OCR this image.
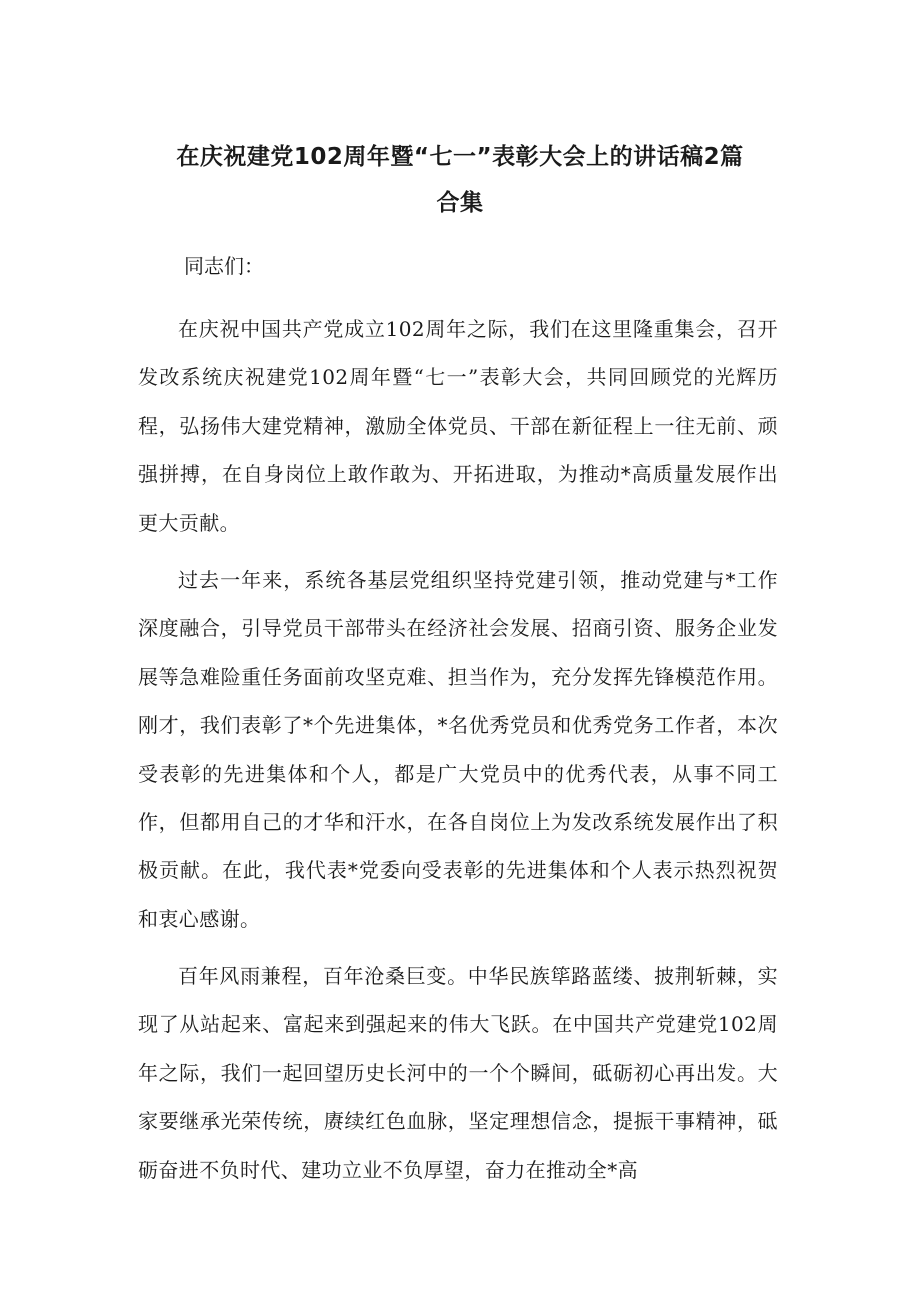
在庆祝建党102周年暨“七一”表彰大会上的讲话稿2篇
合集

同志们：

在庆祝中国共产党成立102周年之际，我们在这里隆重集会，召开发改系统庆祝建党102周年暨“七一”表彰大会，共同回顾党的光辉历程，弘扬伟大建党精神，激励全体党员、干部在新征程上一往无前、顽强拼搏，在自身岗位上敢作敢为、开拓进取，为推动*高质量发展作出更大贡献。

过去一年来，系统各基层党组织坚持党建引领，推动党建与*工作深度融合，引导党员干部带头在经济社会发展、招商引资、服务企业发展等急难险重任务面前攻坚克难、担当作为，充分发挥先锋模范作用。刚才，我们表彰了*个先进集体，*名优秀党员和优秀党务工作者，本次受表彰的先进集体和个人，都是广大党员中的优秀代表，从事不同工作，但都用自己的才华和汗水，在各自岗位上为发改系统发展作出了积极贡献。在此，我代表*党委向受表彰的先进集体和个人表示热烈祝贺和衷心感谢。

百年风雨兼程，百年沧桑巨变。中华民族筚路蓝缕、披荆斩棘，实现了从站起来、富起来到强起来的伟大飞跃。在中国共产党建党102周年之际，我们一起回望历史长河中的一个个瞬间，砥砺初心再出发。大家要继承光荣传统，赓续红色血脉，坚定理想信念，提振干事精神，砥砺奋进不负时代、建功立业不负厚望，奋力在推动全*高
